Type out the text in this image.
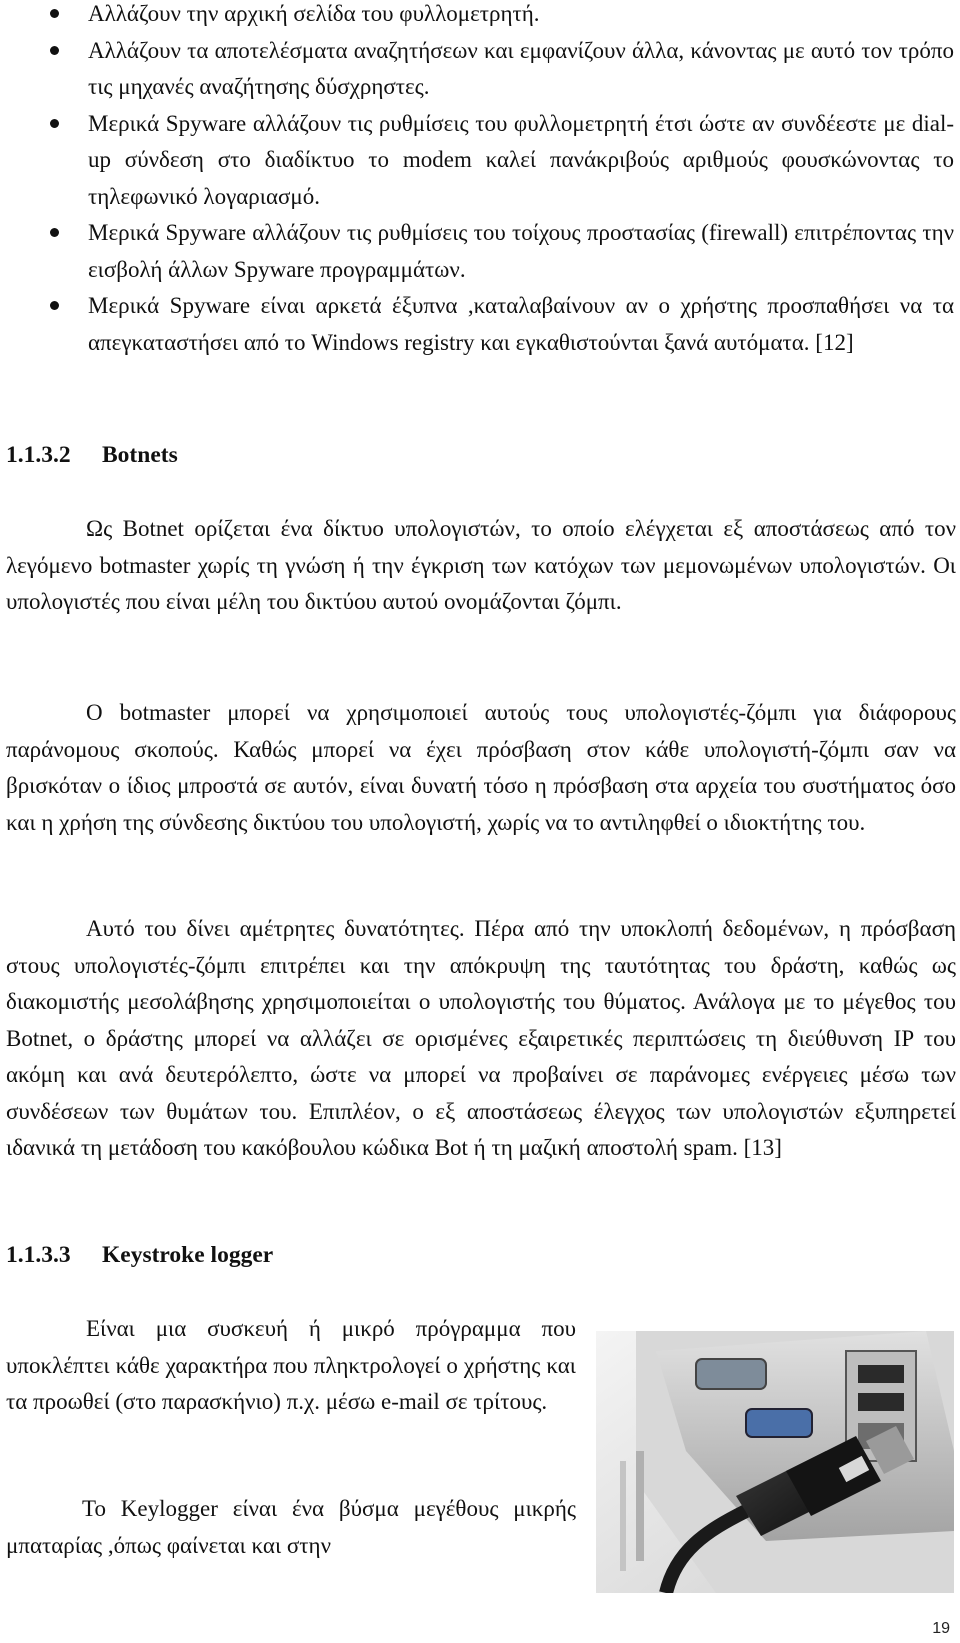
Αλλάζουν την αρχική σελίδα του φυλλομετρητή.
Αλλάζουν τα αποτελέσματα αναζητήσεων και εμφανίζουν άλλα, κάνοντας με αυτό τον τρόπο τις μηχανές αναζήτησης δύσχρηστες.
Μερικά Spyware αλλάζουν τις ρυθμίσεις του φυλλομετρητή έτσι ώστε αν συνδέεστε με dial-up σύνδεση στο διαδίκτυο το modem καλεί πανάκριβούς αριθμούς φουσκώνοντας το τηλεφωνικό λογαριασμό.
Μερικά Spyware αλλάζουν τις ρυθμίσεις του τοίχους προστασίας (firewall) επιτρέποντας την εισβολή άλλων Spyware προγραμμάτων.
Μερικά Spyware είναι αρκετά έξυπνα ,καταλαβαίνουν αν ο χρήστης προσπαθήσει να τα απεγκαταστήσει από το Windows registry και εγκαθιστούνται ξανά αυτόματα. [12]
1.1.3.2 Botnets

Ως Botnet ορίζεται ένα δίκτυο υπολογιστών, το οποίο ελέγχεται εξ αποστάσεως από τον λεγόμενο botmaster χωρίς τη γνώση ή την έγκριση των κατόχων των μεμονωμένων υπολογιστών. Οι υπολογιστές που είναι μέλη του δικτύου αυτού ονομάζονται ζόμπι.

Ο botmaster μπορεί να χρησιμοποιεί αυτούς τους υπολογιστές-ζόμπι για διάφορους παράνομους σκοπούς. Καθώς μπορεί να έχει πρόσβαση στον κάθε υπολογιστή-ζόμπι σαν να βρισκόταν ο ίδιος μπροστά σε αυτόν, είναι δυνατή τόσο η πρόσβαση στα αρχεία του συστήματος όσο και η χρήση της σύνδεσης δικτύου του υπολογιστή, χωρίς να το αντιληφθεί ο ιδιοκτήτης του.

Αυτό του δίνει αμέτρητες δυνατότητες. Πέρα από την υποκλοπή δεδομένων, η πρόσβαση στους υπολογιστές-ζόμπι επιτρέπει και την απόκρυψη της ταυτότητας του δράστη, καθώς ως διακομιστής μεσολάβησης χρησιμοποιείται ο υπολογιστής του θύματος. Ανάλογα με το μέγεθος του Botnet, ο δράστης μπορεί να αλλάζει σε ορισμένες εξαιρετικές περιπτώσεις τη διεύθυνση IP του ακόμη και ανά δευτερόλεπτο, ώστε να μπορεί να προβαίνει σε παράνομες ενέργειες μέσω των συνδέσεων των θυμάτων του. Επιπλέον, ο εξ αποστάσεως έλεγχος των υπολογιστών εξυπηρετεί ιδανικά τη μετάδοση του κακόβουλου κώδικα Bot ή τη μαζική αποστολή spam. [13]

1.1.3.3 Keystroke logger

Είναι μια συσκευή ή μικρό πρόγραμμα που υποκλέπτει κάθε χαρακτήρα που πληκτρολογεί ο χρήστης και τα προωθεί (στο παρασκήνιο) π.χ. μέσω e-mail σε τρίτους.

Το Keylogger είναι ένα βύσμα μεγέθους μικρής μπαταρίας ,όπως φαίνεται και στην

19
